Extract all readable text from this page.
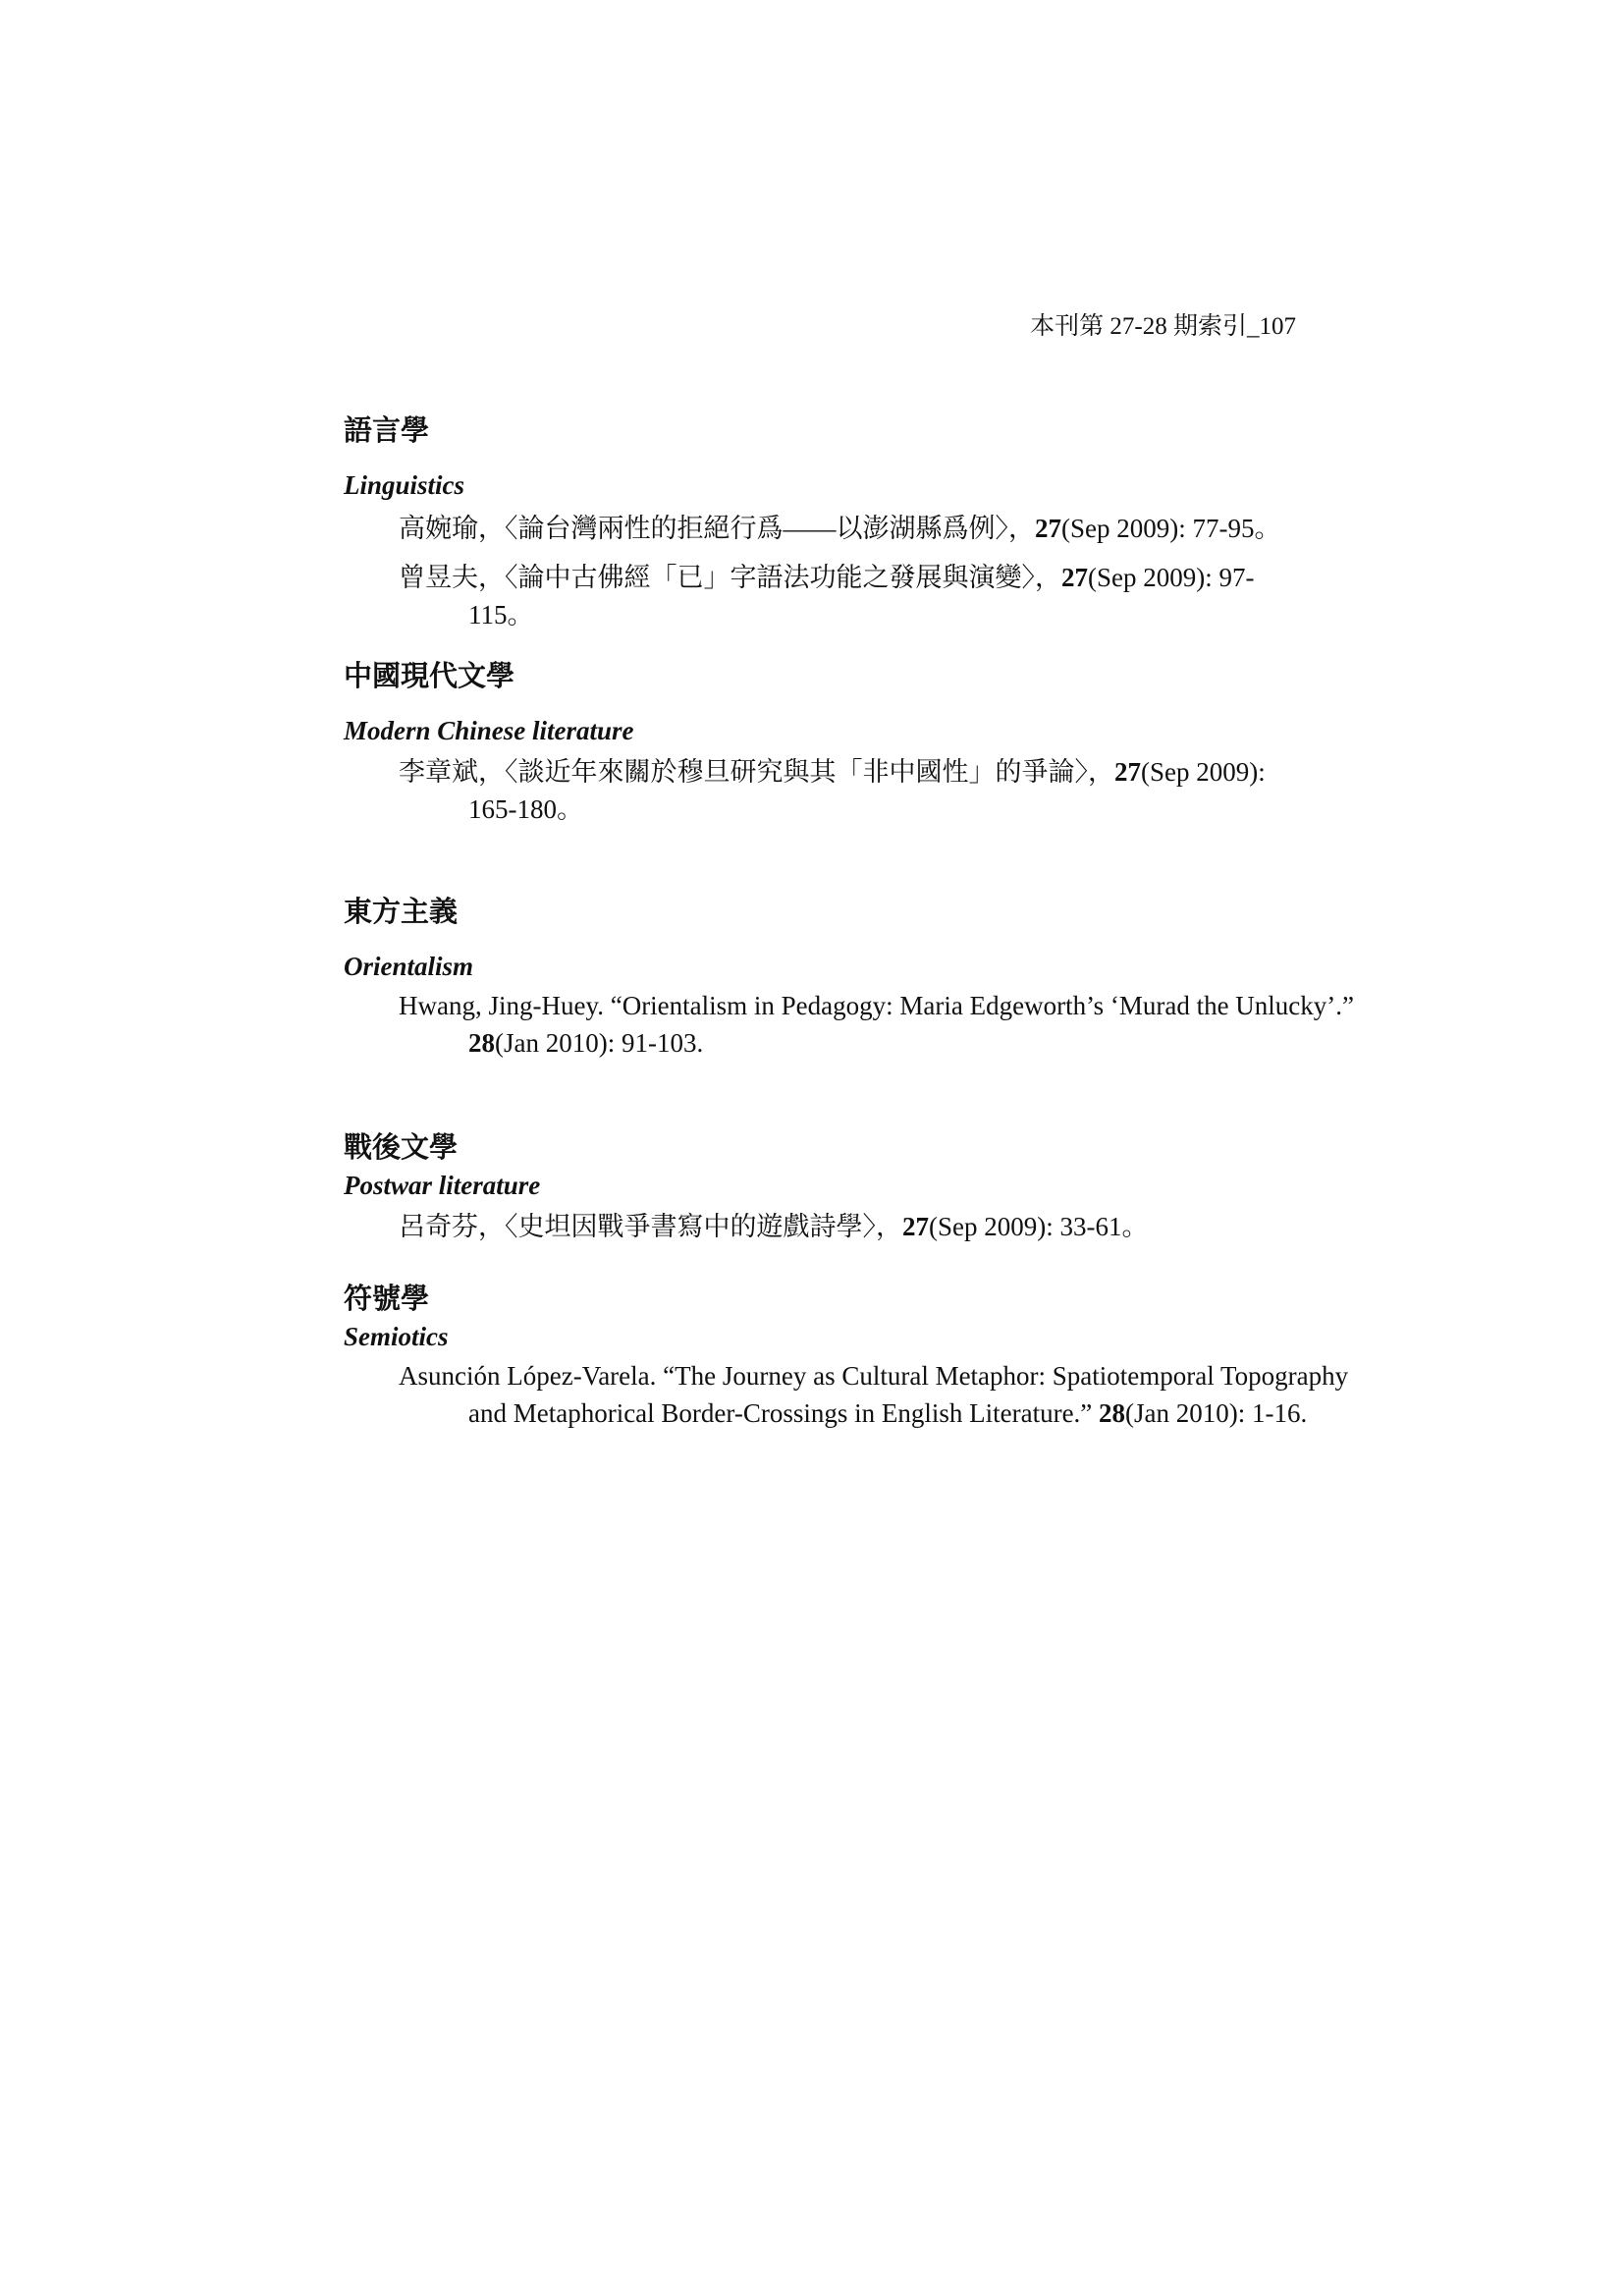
本刊第 27-28 期索引_107
語言學
Linguistics
高婉瑜，〈論台灣兩性的拒絕行爲——以澎湖縣爲例〉，27(Sep 2009): 77-95。
曾昱夫，〈論中古佛經「已」字語法功能之發展與演變〉，27(Sep 2009): 97-115。
中國現代文學
Modern Chinese literature
李章斌，〈談近年來關於穆旦研究與其「非中國性」的爭論〉，27(Sep 2009): 165-180。
東方主義
Orientalism
Hwang, Jing-Huey. “Orientalism in Pedagogy: Maria Edgeworth’s ‘Murad the Unlucky’.” 28(Jan 2010): 91-103.
戰後文學
Postwar literature
呂奇芬，〈史坦因戰爭書寫中的遊戲詩學〉，27(Sep 2009): 33-61。
符號學
Semiotics
Asunción López-Varela. “The Journey as Cultural Metaphor: Spatiotemporal Topography and Metaphorical Border-Crossings in English Literature.” 28(Jan 2010): 1-16.
